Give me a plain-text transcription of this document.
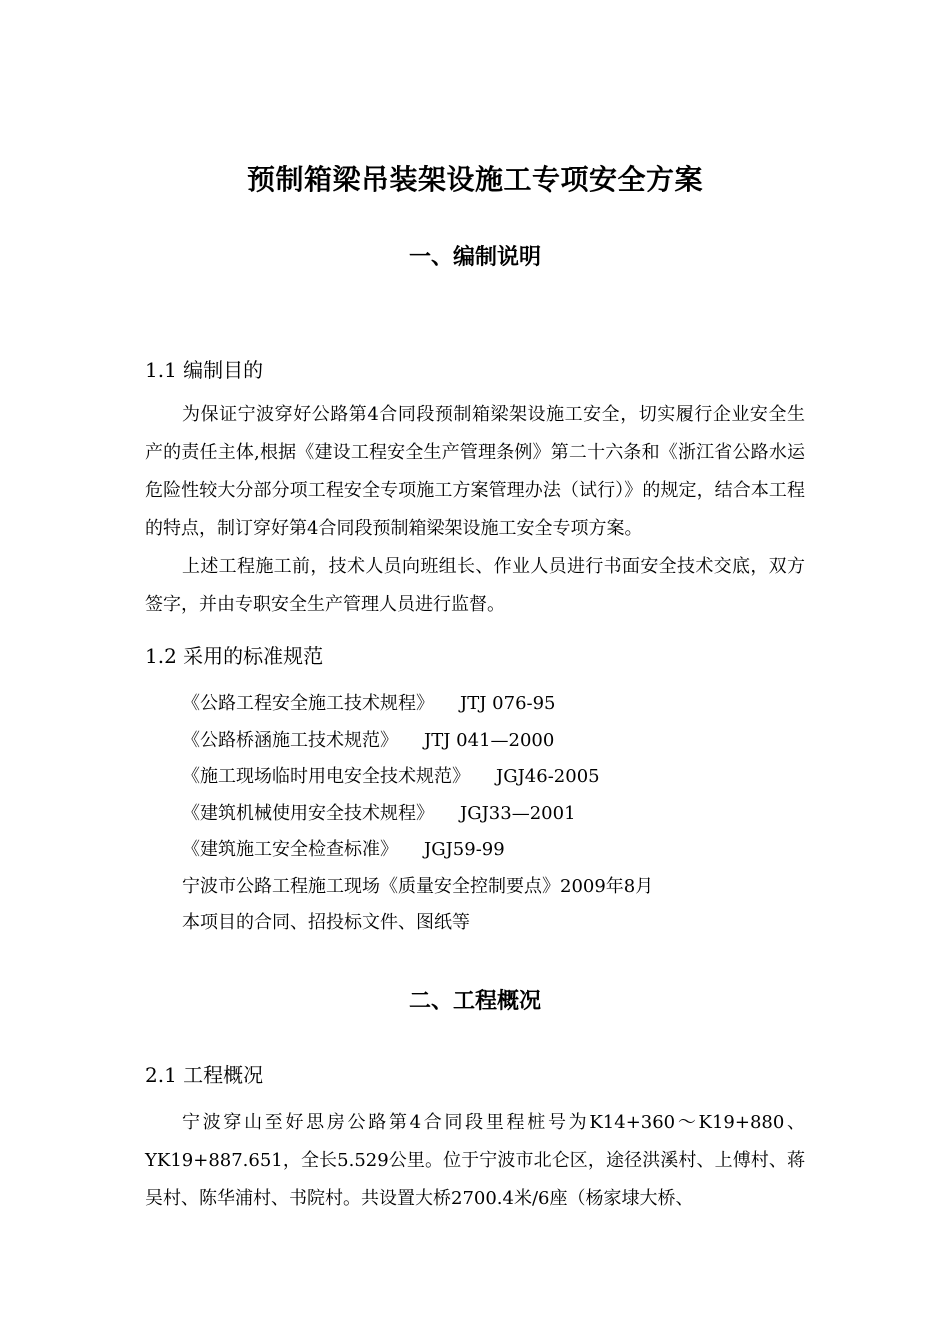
预制箱梁吊装架设施工专项安全方案
一、编制说明
1.1 编制目的
为保证宁波穿好公路第4合同段预制箱梁架设施工安全，切实履行企业安全生产的责任主体,根据《建设工程安全生产管理条例》第二十六条和《浙江省公路水运危险性较大分部分项工程安全专项施工方案管理办法（试行）》的规定，结合本工程的特点，制订穿好第4合同段预制箱梁架设施工安全专项方案。
上述工程施工前，技术人员向班组长、作业人员进行书面安全技术交底，双方签字，并由专职安全生产管理人员进行监督。
1.2 采用的标准规范
《公路工程安全施工技术规程》 JTJ 076-95
《公路桥涵施工技术规范》 JTJ 041—2000
《施工现场临时用电安全技术规范》 JGJ46-2005
《建筑机械使用安全技术规程》 JGJ33—2001
《建筑施工安全检查标准》 JGJ59-99
宁波市公路工程施工现场《质量安全控制要点》2009年8月
本项目的合同、招投标文件、图纸等
二、工程概况
2.1 工程概况
宁波穿山至好思房公路第4合同段里程桩号为K14+360～K19+880、YK19+887.651，全长5.529公里。位于宁波市北仑区，途径洪溪村、上傅村、蒋吴村、陈华浦村、书院村。共设置大桥2700.4米/6座（杨家埭大桥、
